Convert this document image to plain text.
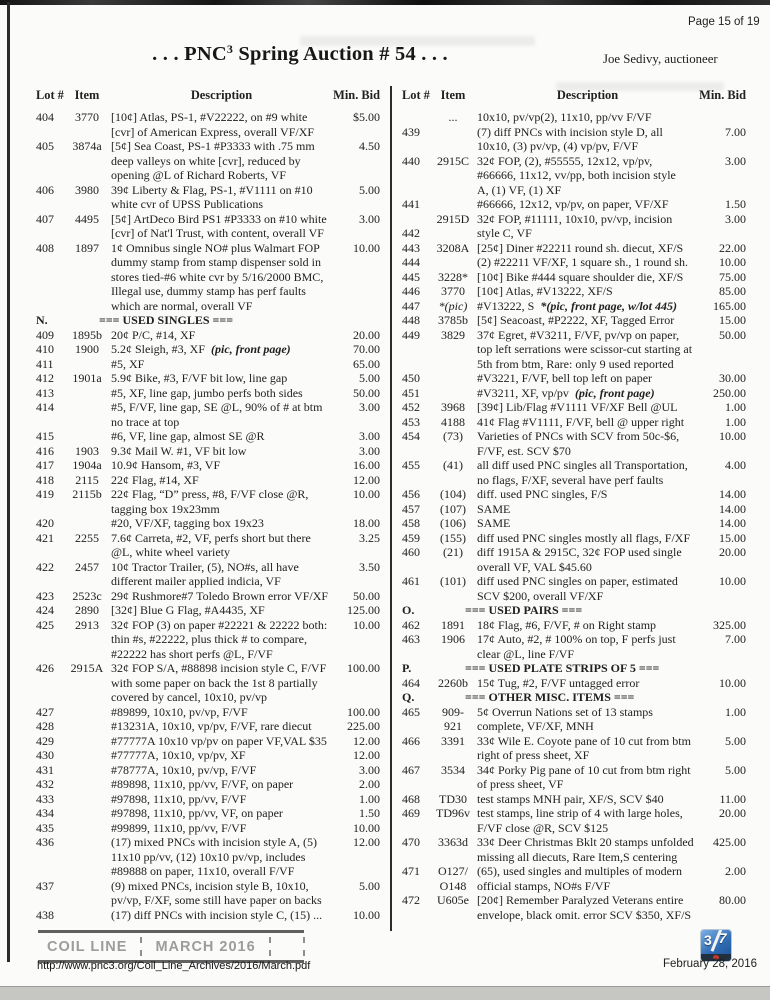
Page 15 of 19
. . . PNC$^3$ Spring Auction # 54 . . .	Joe Sedivy, auctioneer
Lot # Item	Description	Min. Bid Lot # Item	Description	Min. Bid
404	3770	[10¢] Atlas, PS-1, #V22222, on #9 white	$5.00
[cvr] of American Express, overall VF/XF
405	3874a [5¢] Sea Coast, PS-1 #P3333 with .75 mm	4.50
deep valleys on white [cvr], reduced by
opening @L of Richard Roberts, VF
406	3980	39¢ Liberty & Flag, PS-1, #V1111 on #10	5.00
white cvr of UPSS Publications
407	4495	[5¢] ArtDeco Bird PS1 #P3333 on #10 white	3.00
[cvr] of Nat'l Trust, with content, overall VF
408	1897	1¢ Omnibus single NO# plus Walmart FOP	10.00
dummy stamp from stamp dispenser sold in
stores tied-#6 white cvr by 5/16/2000 BMC,
Illegal use, dummy stamp has perf faults
which are normal, overall VF
N.	=== USED SINGLES ===
409	1895b 20¢ P/C, #14, XF	20.00
410	1900	5.2¢ Sleigh, #3, XF (pic, front page)	70.00
411	#5, XF	65.00
412	1901a 5.9¢ Bike, #3, F/VF bit low, line gap	5.00
413	#5, XF, line gap, jumbo perfs both sides	50.00
414	#5, F/VF, line gap, SE @L, 90% of # at btm	3.00
no trace at top
415	#6, VF, line gap, almost SE @R	3.00
416	1903	9.3¢ Mail W. #1, VF bit low	3.00
417	1904a 10.9¢ Hansom, #3, VF	16.00
418	2115	22¢ Flag, #14, XF	12.00
419	2115b 22¢ Flag, “D” press, #8, F/VF close @R,	10.00
tagging box 19x23mm
420	#20, VF/XF, tagging box 19x23	18.00
421	2255	7.6¢ Carreta, #2, VF, perfs short but there	3.25
@L, white wheel variety
422	2457	10¢ Tractor Trailer, (5), NO#s, all have	3.50
different mailer applied indicia, VF
423	2523c 29¢ Rushmore#7 Toledo Brown error VF/XF	50.00
424	2890	[32¢] Blue G Flag, #A4435, XF	125.00
425	2913	32¢ FOP (3) on paper #22221 & 22222 both:	10.00
thin #s, #22222, plus thick # to compare,
#22222 has short perfs @L, F/VF
426	2915A 32¢ FOP S/A, #88898 incision style C, F/VF	100.00
with some paper on back the 1st 8 partially
covered by cancel, 10x10, pv/vp
427	#89899, 10x10, pv/vp, F/VF	100.00
428	#13231A, 10x10, vp/pv, F/VF, rare diecut	225.00
429	#77777A 10x10 vp/pv on paper VF,VAL $35	12.00
430	#77777A, 10x10, vp/pv, XF	12.00
431	#78777A, 10x10, pv/vp, F/VF	3.00
432	#89898, 11x10, pp/vv, F/VF, on paper	2.00
433	#97898, 11x10, pp/vv, F/VF	1.00
434	#97898, 11x10, pp/vv, VF, on paper	1.50
435	#99899, 11x10, pp/vv, F/VF	10.00
436	(17) mixed PNCs with incision style A, (5)	12.00
11x10 pp/vv, (12) 10x10 pv/vp, includes
#89888 on paper, 11x10, overall F/VF
437	(9) mixed PNCs, incision style B, 10x10,	5.00
pv/vp, F/XF, some still have paper on backs
438	(17) diff PNCs with incision style C, (15) ...	10.00
...	10x10, pv/vp(2), 11x10, pp/vv F/VF
439	(7) diff PNCs with incision style D, all	7.00
10x10, (3) pv/vp, (4) vp/pv, F/VF
440	2915C 32¢ FOP, (2), #55555, 12x12, vp/pv,	3.00
#66666, 11x12, vv/pp, both incision style
A, (1) VF, (1) XF
441	#66666, 12x12, vp/pv, on paper, VF/XF	1.50
2915D 32¢ FOP, #11111, 10x10, pv/vp, incision	3.00
442	style C, VF
443	3208A [25¢] Diner #22211 round sh. diecut, XF/S	22.00
444	(2) #22211 VF/XF, 1 square sh., 1 round sh.	10.00
445	3228* [10¢] Bike #444 square shoulder die, XF/S	75.00
446	3770	[10¢] Atlas, #V13222, XF/S	85.00
447	*(pic) #V13222, S *(pic, front page, w/lot 445)	165.00
448	3785b [5¢] Seacoast, #P2222, XF, Tagged Error	15.00
449	3829	37¢ Egret, #V3211, F/VF, pv/vp on paper,	50.00
top left serrations were scissor-cut starting at
5th from btm, Rare: only 9 used reported
450	#V3221, F/VF, bell top left on paper	30.00
451	#V3211, XF, vp/pv (pic, front page)	250.00
452	3968	[39¢] Lib/Flag #V1111 VF/XF Bell @UL	1.00
453	4188	41¢ Flag #V1111, F/VF, bell @ upper right	1.00
454	(73)	Varieties of PNCs with SCV from 50c-$6,	10.00
F/VF, est. SCV $70
455	(41)	all diff used PNC singles all Transportation,	4.00
no flags, F/XF, several have perf faults
456	(104) diff. used PNC singles, F/S	14.00
457	(107) SAME	14.00
458	(106) SAME	14.00
459	(155) diff used PNC singles mostly all flags, F/XF	15.00
460	(21)	diff 1915A & 2915C, 32¢ FOP used single	20.00
overall VF, VAL $45.60
461	(101) diff used PNC singles on paper, estimated	10.00
SCV $200, overall VF/XF
O.	=== USED PAIRS ===
462	1891	18¢ Flag, #6, F/VF, # on Right stamp	325.00
463	1906	17¢ Auto, #2, # 100% on top, F perfs just	7.00
clear @L, line F/VF
P.	=== USED PLATE STRIPS OF 5 ===
464	2260b 15¢ Tug, #2, F/VF untagged error	10.00
Q.	=== OTHER MISC. ITEMS ===
465	909-	5¢ Overrun Nations set of 13 stamps	1.00
921	complete, VF/XF, MNH
466	3391	33¢ Wile E. Coyote pane of 10 cut from btm	5.00
right of press sheet, XF
467	3534	34¢ Porky Pig pane of 10 cut from btm right	5.00
of press sheet, VF
468	TD30 test stamps MNH pair, XF/S, SCV $40	11.00
469	TD96v test stamps, line strip of 4 with large holes,	20.00
F/VF close @R, SCV $125
470	3363d 33¢ Deer Christmas Bklt 20 stamps unfolded	425.00
missing all diecuts, Rare Item,S centering
471	O127/ (65), used singles and multiples of modern	2.00
O148 official stamps, NO#s F/VF
472	U605e [20¢] Remember Paralyzed Veterans entire	80.00
envelope, black omit. error SCV $350, XF/S
COIL LINE	MARCH 2016
http://www.pnc3.org/Coil_Line_Archives/2016/March.pdf
3 7
February 28, 2016
